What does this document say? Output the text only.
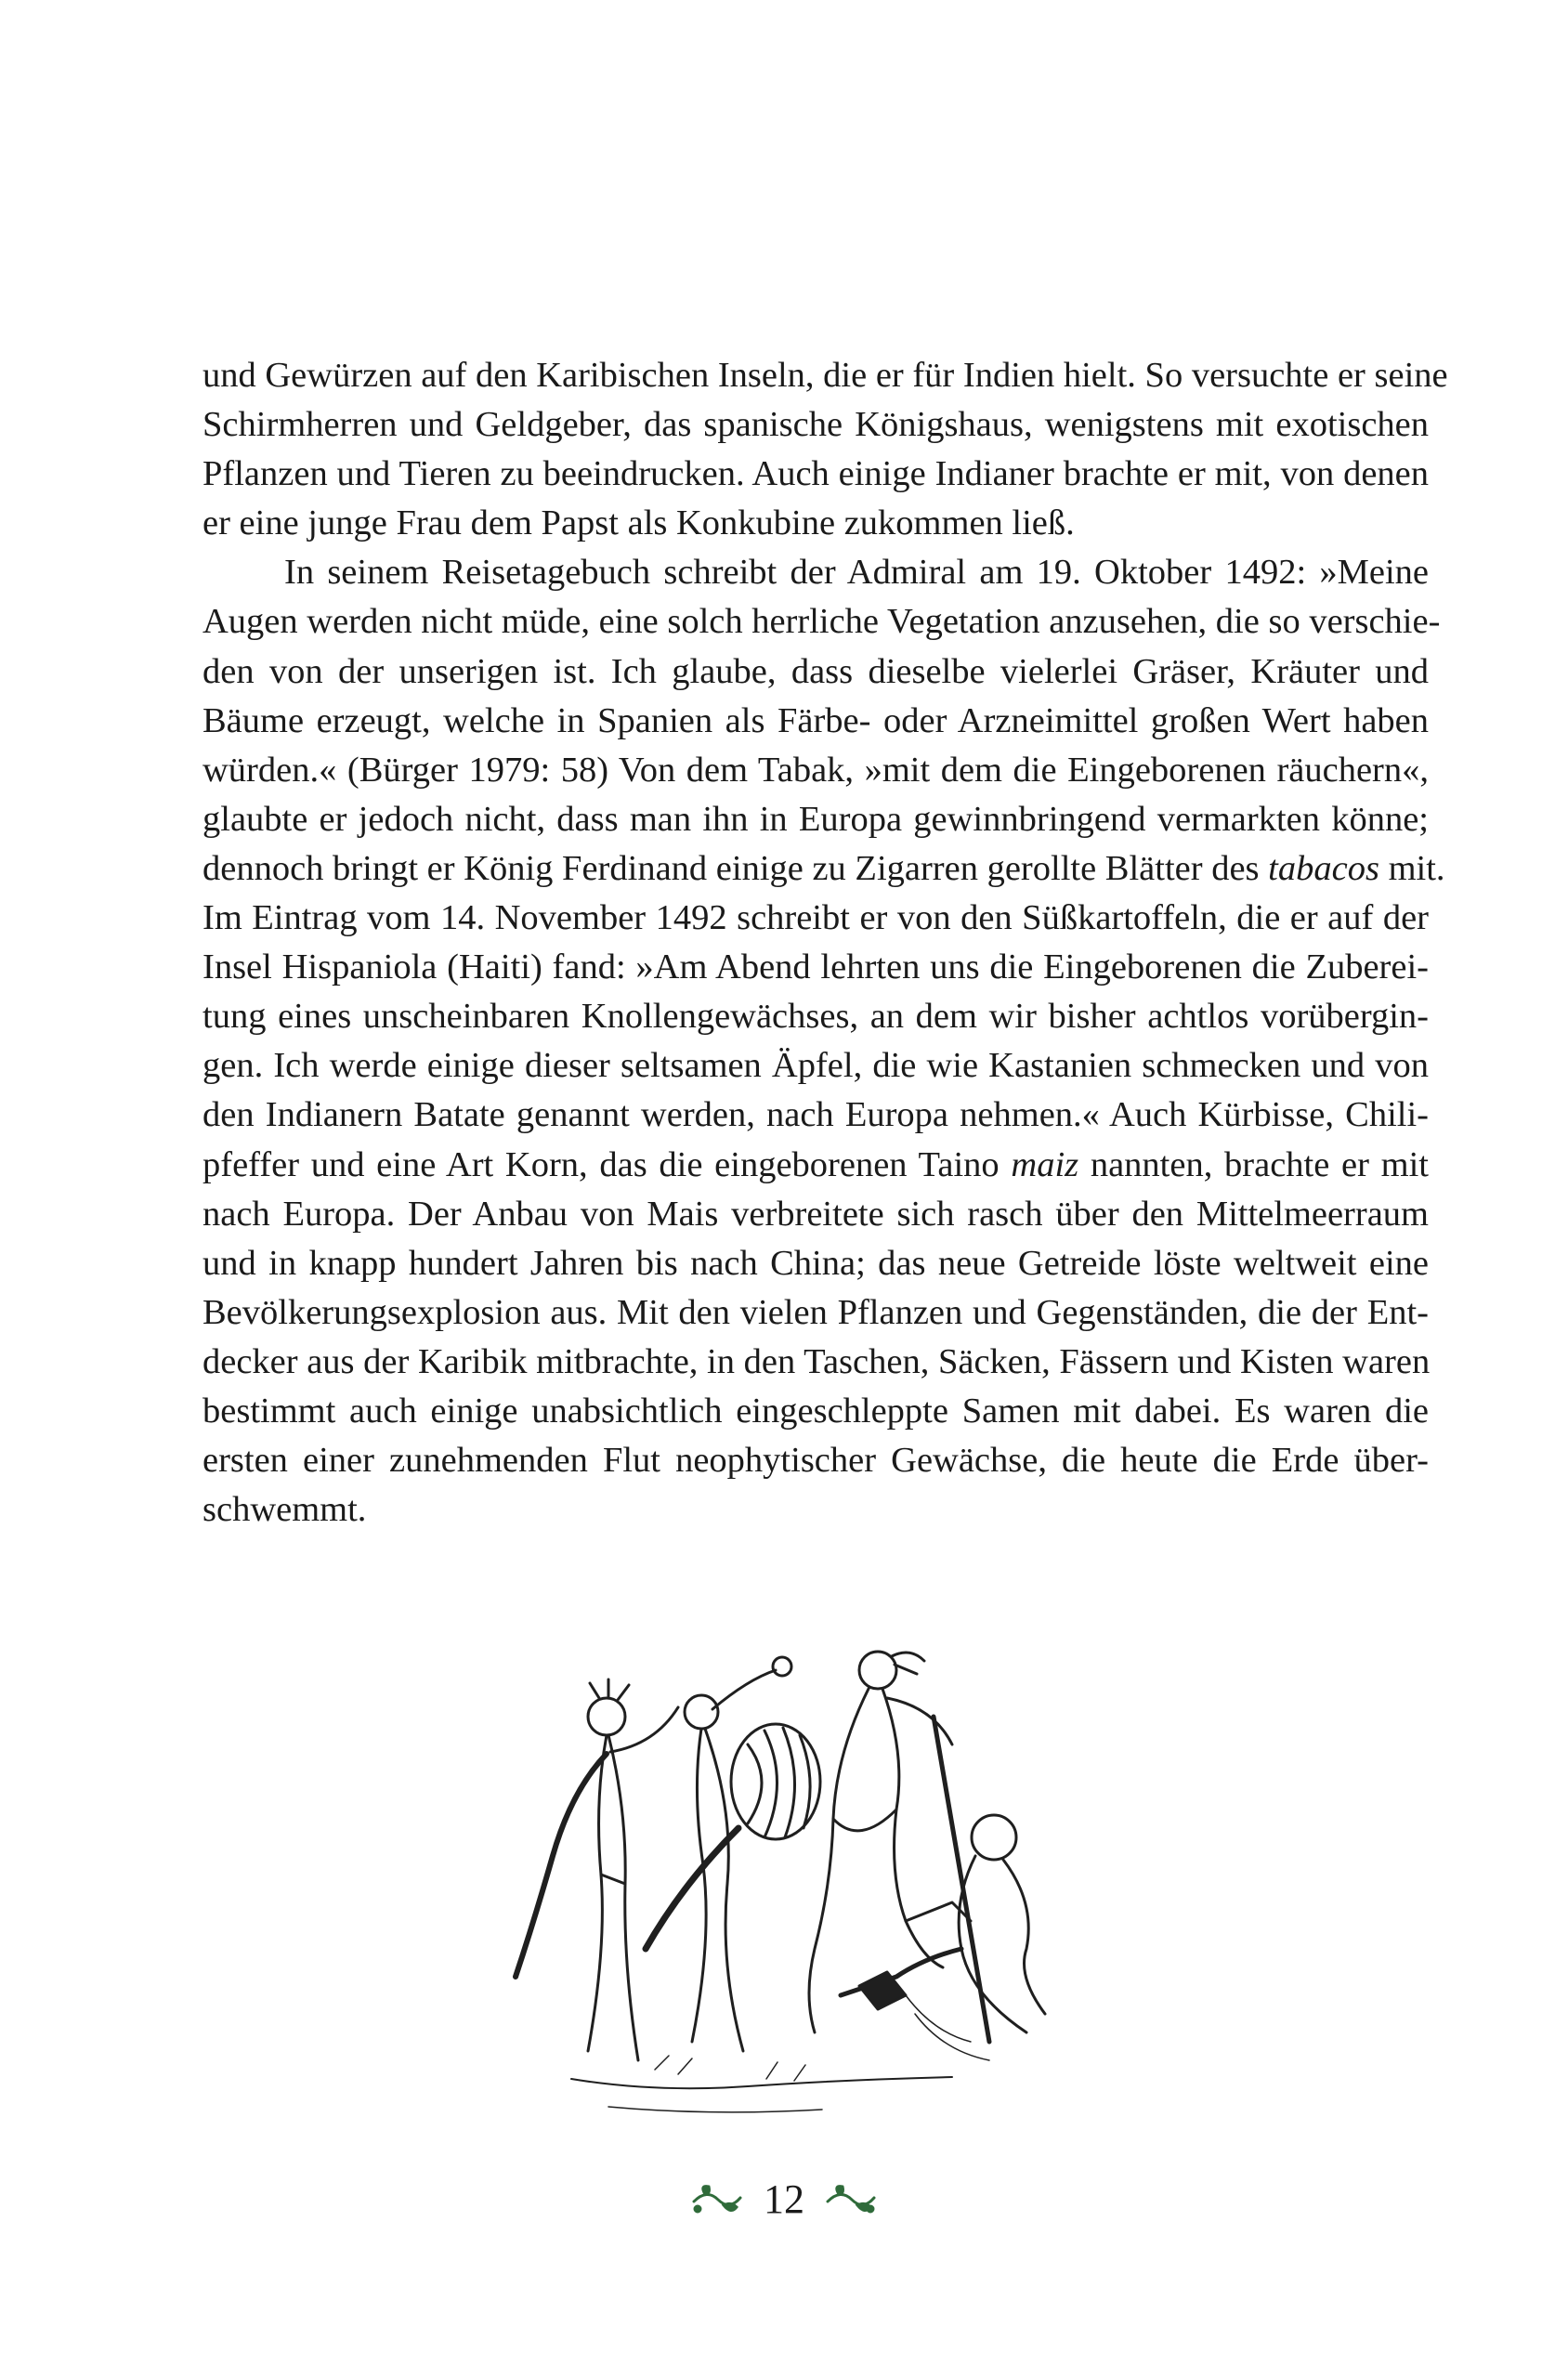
und Gewürzen auf den Karibischen Inseln, die er für Indien hielt. So versuchte er seine
Schirmherren und Geldgeber, das spanische Königshaus, wenigstens mit exotischen
Pflanzen und Tieren zu beeindrucken. Auch einige Indianer brachte er mit, von denen
er eine junge Frau dem Papst als Konkubine zukommen ließ.
In seinem Reisetagebuch schreibt der Admiral am 19. Oktober 1492: »Meine
Augen werden nicht müde, eine solch herrliche Vegetation anzusehen, die so verschie-
den von der unserigen ist. Ich glaube, dass dieselbe vielerlei Gräser, Kräuter und
Bäume erzeugt, welche in Spanien als Färbe- oder Arzneimittel großen Wert haben
würden.« (Bürger 1979: 58) Von dem Tabak, »mit dem die Eingeborenen räuchern«,
glaubte er jedoch nicht, dass man ihn in Europa gewinnbringend vermarkten könne;
dennoch bringt er König Ferdinand einige zu Zigarren gerollte Blätter des tabacos mit.
Im Eintrag vom 14. November 1492 schreibt er von den Süßkartoffeln, die er auf der
Insel Hispaniola (Haiti) fand: »Am Abend lehrten uns die Eingeborenen die Zuberei-
tung eines unscheinbaren Knollengewächses, an dem wir bisher achtlos vorübergin-
gen. Ich werde einige dieser seltsamen Äpfel, die wie Kastanien schmecken und von
den Indianern Batate genannt werden, nach Europa nehmen.« Auch Kürbisse, Chili-
pfeffer und eine Art Korn, das die eingeborenen Taino maiz nannten, brachte er mit
nach Europa. Der Anbau von Mais verbreitete sich rasch über den Mittelmeerraum
und in knapp hundert Jahren bis nach China; das neue Getreide löste weltweit eine
Bevölkerungsexplosion aus. Mit den vielen Pflanzen und Gegenständen, die der Ent-
decker aus der Karibik mitbrachte, in den Taschen, Säcken, Fässern und Kisten waren
bestimmt auch einige unabsichtlich eingeschleppte Samen mit dabei. Es waren die
ersten einer zunehmenden Flut neophytischer Gewächse, die heute die Erde über-
schwemmt.
12
